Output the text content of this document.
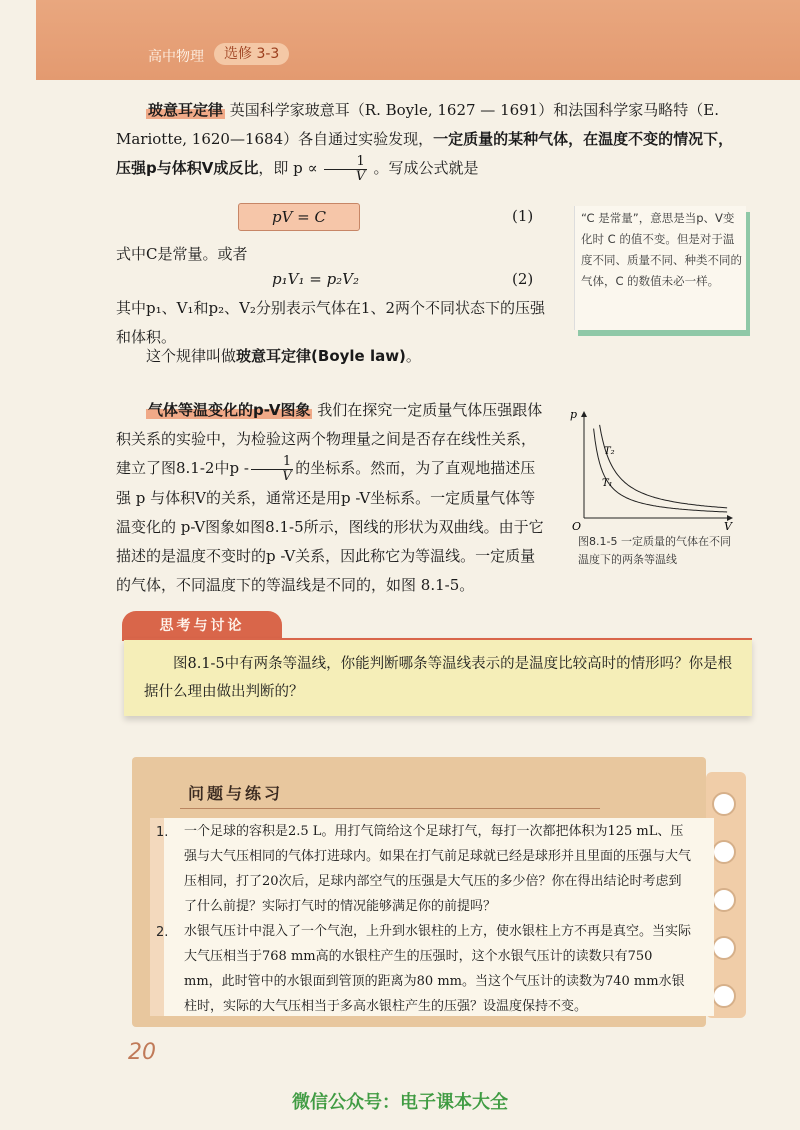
高中物理	选修 3-3

玻意耳定律 英国科学家玻意耳（R. Boyle, 1627 — 1691）和法国科学家马略特（E. Mariotte, 1620—1684）各自通过实验发现，一定质量的某种气体，在温度不变的情况下，压强p与体积V成反比，即 $p \propto \frac{1}{V}$ 。写成公式就是

pV = C	(1)

式中C是常量。或者

p₁V₁ = p₂V₂	(2)

其中p₁、V₁和p₂、V₂分别表示气体在1、2两个不同状态下的压强和体积。

这个规律叫做玻意耳定律(Boyle law)。

“C 是常量”，意思是当p、V变化时 C 的值不变。但是对于温度不同、质量不同、种类不同的气体，C 的数值未必一样。

气体等温变化的p-V图象 我们在探究一定质量气体压强跟体积关系的实验中，为检验这两个物理量之间是否存在线性关系，建立了图8.1-2中p - $\frac{1}{V}$ 的坐标系。然而，为了直观地描述压强 p 与体积V的关系，通常还是用p -V坐标系。一定质量气体等温变化的 p-V图象如图8.1-5所示，图线的形状为双曲线。由于它描述的是温度不变时的p -V关系，因此称它为等温线。一定质量的气体，不同温度下的等温线是不同的，如图 8.1-5。

p
V
O
T₂
T₁
图8.1-5 一定质量的气体在不同温度下的两条等温线
思考与讨论
图8.1-5中有两条等温线，你能判断哪条等温线表示的是温度比较高时的情形吗？你是根据什么理由做出判断的？
问题与练习
1. 一个足球的容积是2.5 L。用打气筒给这个足球打气，每打一次都把体积为125 mL、压强与大气压相同的气体打进球内。如果在打气前足球就已经是球形并且里面的压强与大气压相同，打了20次后，足球内部空气的压强是大气压的多少倍？你在得出结论时考虑到了什么前提？实际打气时的情况能够满足你的前提吗？
2. 水银气压计中混入了一个气泡，上升到水银柱的上方，使水银柱上方不再是真空。当实际大气压相当于768 mm高的水银柱产生的压强时，这个水银气压计的读数只有750 mm，此时管中的水银面到管顶的距离为80 mm。当这个气压计的读数为740 mm水银柱时，实际的大气压相当于多高水银柱产生的压强？设温度保持不变。
20
微信公众号：电子课本大全
